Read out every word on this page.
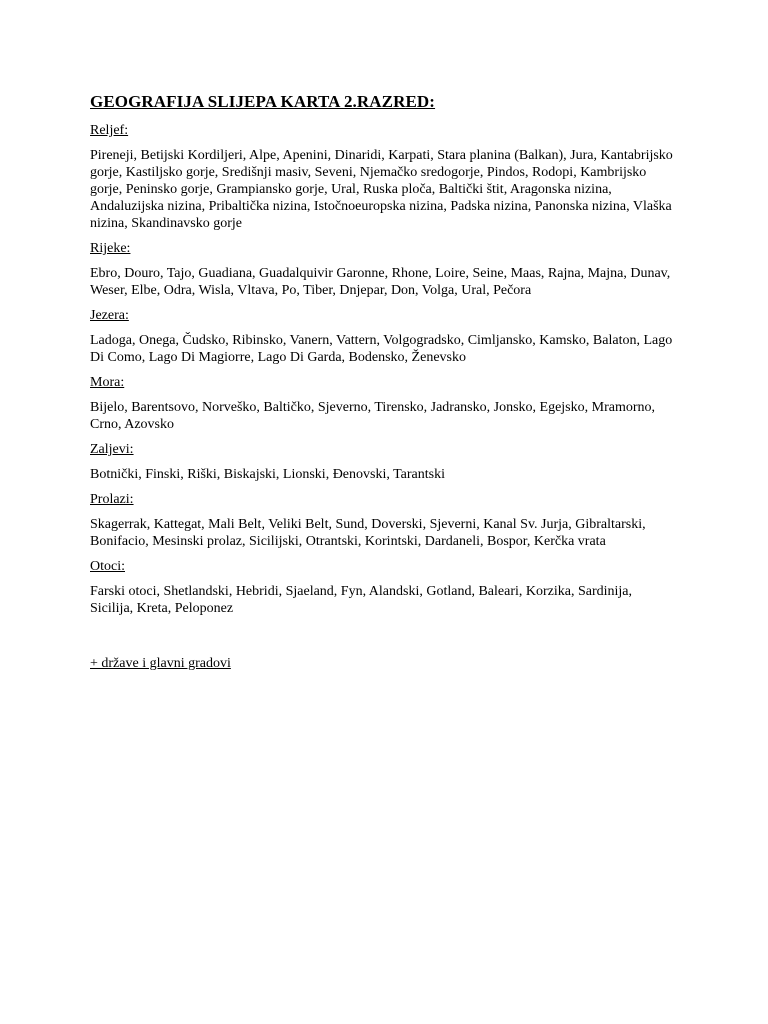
GEOGRAFIJA SLIJEPA KARTA 2.RAZRED:

Reljef:

Pireneji, Betijski Kordiljeri, Alpe, Apenini, Dinaridi, Karpati, Stara planina (Balkan), Jura, Kantabrijsko gorje, Kastiljsko gorje, Središnji masiv, Seveni, Njemačko sredogorje, Pindos, Rodopi, Kambrijsko gorje, Peninsko gorje, Grampiansko gorje, Ural, Ruska ploča, Baltički štit, Aragonska nizina, Andaluzijska nizina, Pribaltička nizina, Istočnoeuropska nizina, Padska nizina, Panonska nizina, Vlaška nizina, Skandinavsko gorje

Rijeke:

Ebro, Douro, Tajo, Guadiana, Guadalquivir Garonne, Rhone, Loire, Seine, Maas, Rajna, Majna, Dunav, Weser, Elbe, Odra, Wisla, Vltava, Po, Tiber, Dnjepar, Don, Volga, Ural, Pečora

Jezera:

Ladoga, Onega, Čudsko, Ribinsko, Vanern, Vattern, Volgogradsko, Cimljansko, Kamsko, Balaton, Lago Di Como, Lago Di Magiorre, Lago Di Garda, Bodensko, Ženevsko

Mora:

Bijelo, Barentsovo, Norveško, Baltičko, Sjeverno, Tirensko, Jadransko, Jonsko, Egejsko, Mramorno, Crno, Azovsko

Zaljevi:

Botnički, Finski, Riški, Biskajski, Lionski, Đenovski, Tarantski

Prolazi:

Skagerrak, Kattegat, Mali Belt, Veliki Belt, Sund, Doverski, Sjeverni, Kanal Sv. Jurja, Gibraltarski, Bonifacio, Mesinski prolaz, Sicilijski, Otrantski, Korintski, Dardaneli, Bospor, Kerčka vrata

Otoci:

Farski otoci, Shetlandski, Hebridi, Sjaeland, Fyn, Alandski, Gotland, Baleari, Korzika, Sardinija, Sicilija, Kreta, Peloponez

+ države i glavni gradovi
